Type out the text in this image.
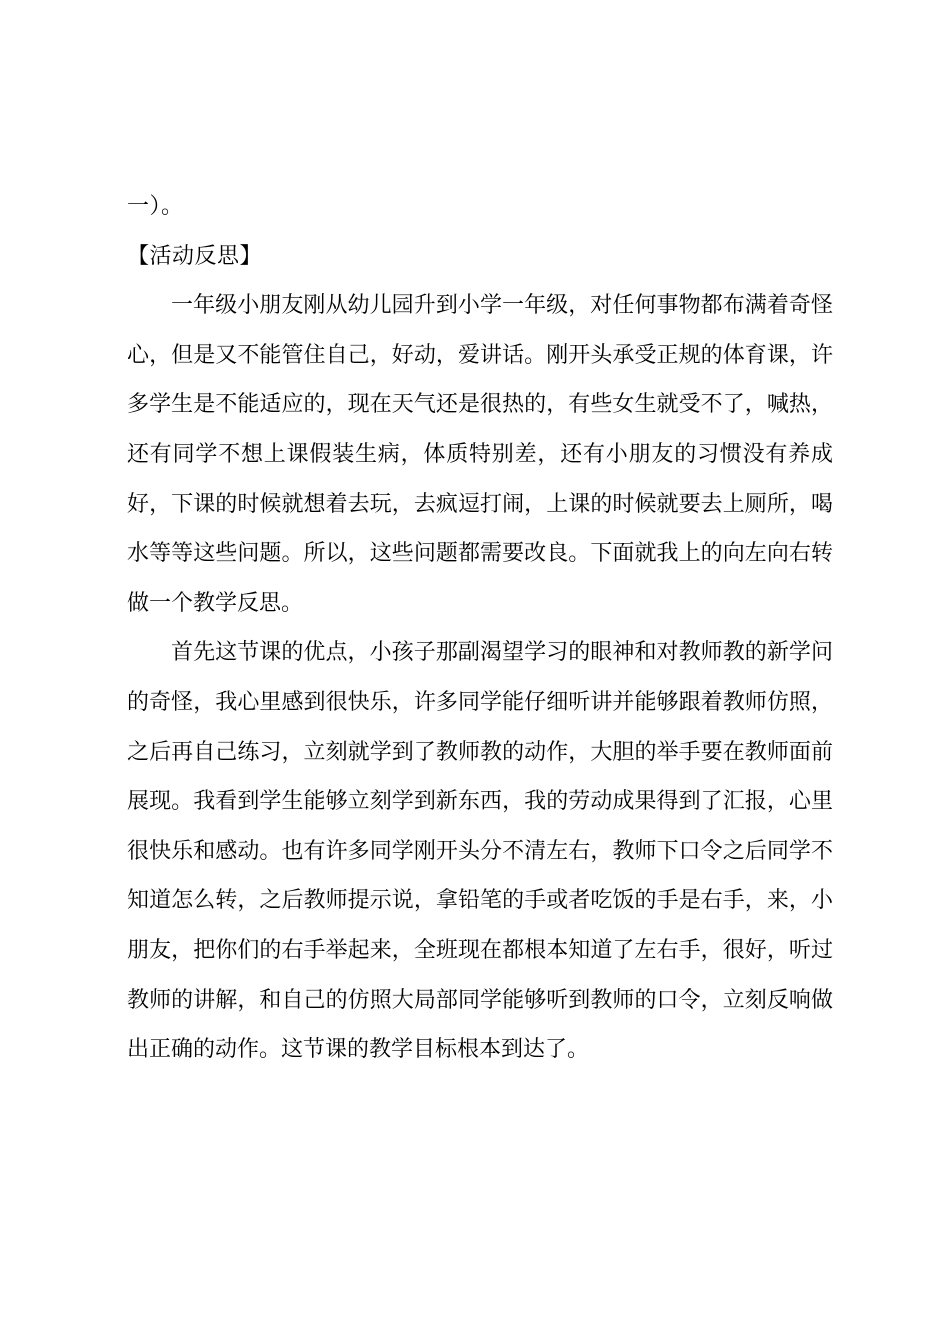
一）。
【活动反思】
一年级小朋友刚从幼儿园升到小学一年级，对任何事物都布满着奇怪心，但是又不能管住自己，好动，爱讲话。刚开头承受正规的体育课，许多学生是不能适应的，现在天气还是很热的，有些女生就受不了，喊热，还有同学不想上课假装生病，体质特别差，还有小朋友的习惯没有养成好，下课的时候就想着去玩，去疯逗打闹，上课的时候就要去上厕所，喝水等等这些问题。所以，这些问题都需要改良。下面就我上的向左向右转做一个教学反思。
首先这节课的优点，小孩子那副渴望学习的眼神和对教师教的新学问的奇怪，我心里感到很快乐，许多同学能仔细听讲并能够跟着教师仿照，之后再自己练习，立刻就学到了教师教的动作，大胆的举手要在教师面前展现。我看到学生能够立刻学到新东西，我的劳动成果得到了汇报，心里很快乐和感动。也有许多同学刚开头分不清左右，教师下口令之后同学不知道怎么转，之后教师提示说，拿铅笔的手或者吃饭的手是右手，来，小朋友，把你们的右手举起来，全班现在都根本知道了左右手，很好，听过教师的讲解，和自己的仿照大局部同学能够听到教师的口令，立刻反响做出正确的动作。这节课的教学目标根本到达了。
